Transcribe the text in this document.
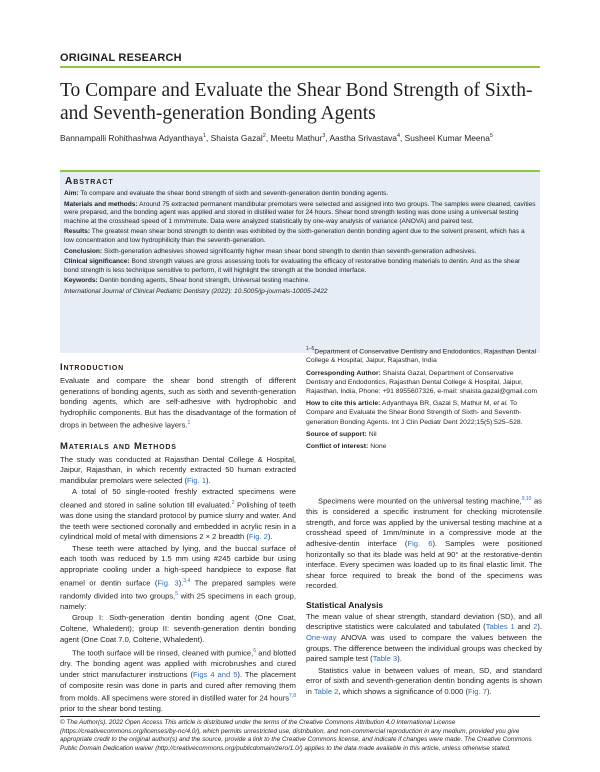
ORIGINAL RESEARCH
To Compare and Evaluate the Shear Bond Strength of Sixth- and Seventh-generation Bonding Agents
Bannampalli Rohithashwa Adyanthaya$^1$, Shaista Gazal$^2$, Meetu Mathur$^3$, Aastha Srivastava$^4$, Susheel Kumar Meena$^5$
Abstract

Aim: To compare and evaluate the shear bond strength of sixth and seventh-generation dentin bonding agents.

Materials and methods: Around 75 extracted permanent mandibular premolars were selected and assigned into two groups. The samples were cleaned, cavities were prepared, and the bonding agent was applied and stored in distilled water for 24 hours. Shear bond strength testing was done using a universal testing machine at the crosshead speed of 1 mm/minute. Data were analyzed statistically by one-way analysis of variance (ANOVA) and paired test.

Results: The greatest mean shear bond strength to dentin was exhibited by the sixth-generation dentin bonding agent due to the solvent present, which has a low concentration and low hydrophilicity than the seventh-generation.

Conclusion: Sixth-generation adhesives showed significantly higher mean shear bond strength to dentin than seventh-generation adhesives.

Clinical significance: Bond strength values are gross assessing tools for evaluating the efficacy of restorative bonding materials to dentin. And as the shear bond strength is less technique sensitive to perform, it will highlight the strength at the bonded interface.

Keywords: Dentin bonding agents, Shear bond strength, Universal testing machine.

International Journal of Clinical Pediatric Dentistry (2022): 10.5005/jp-journals-10005-2422

Introduction

Evaluate and compare the shear bond strength of different generations of bonding agents, such as sixth and seventh-generation bonding agents, which are self-adhesive with hydrophobic and hydrophilic components. But has the disadvantage of the formation of drops in between the adhesive layers.$^1$

Materials and Methods

The study was conducted at Rajasthan Dental College & Hospital, Jaipur, Rajasthan, in which recently extracted 50 human extracted mandibular premolars were selected (Fig. 1).

A total of 50 single-rooted freshly extracted specimens were cleaned and stored in saline solution till evaluated.$^2$ Polishing of teeth was done using the standard protocol by pumice slurry and water. And the teeth were sectioned coronally and embedded in acrylic resin in a cylindrical mold of metal with dimensions 2 × 2 breadth (Fig. 2).

These teeth were attached by lying, and the buccal surface of each tooth was reduced by 1.5 mm using #245 carbide bur using appropriate cooling under a high-speed handpiece to expose flat enamel or dentin surface (Fig. 3).$^{3,4}$ The prepared samples were randomly divided into two groups,$^5$ with 25 specimens in each group, namely:

Group I: Sixth-generation dentin bonding agent (One Coat, Coltene, Whaledent); group II: seventh-generation dentin bonding agent (One Coat 7.0, Coltene, Whaledent).

The tooth surface will be rinsed, cleaned with pumice,$^6$ and blotted dry. The bonding agent was applied with microbrushes and cured under strict manufacturer instructions (Figs 4 and 5). The placement of composite resin was done in parts and cured after removing them from molds. All specimens were stored in distilled water for 24 hours$^{7,8}$ prior to the shear bond testing.

$^{1-5}$Department of Conservative Dentistry and Endodontics, Rajasthan Dental College & Hospital, Jaipur, Rajasthan, India

Corresponding Author: Shaista Gazal, Department of Conservative Dentistry and Endodontics, Rajasthan Dental College & Hospital, Jaipur, Rajasthan, India, Phone: +91 8955607326, e-mail: shaista.gazal@gmail.com

How to cite this article: Adyanthaya BR, Gazal S, Mathur M, et al. To Compare and Evaluate the Shear Bond Strength of Sixth- and Seventh-generation Bonding Agents. Int J Clin Pediatr Dent 2022;15(5):525–528.

Source of support: Nil

Conflict of interest: None

Specimens were mounted on the universal testing machine,$^{9,10}$ as this is considered a specific instrument for checking microtensile strength, and force was applied by the universal testing machine at a crosshead speed of 1mm/minute in a compressive mode at the adhesive-dentin interface (Fig. 6). Samples were positioned horizontally so that its blade was held at 90° at the restorative-dentin interface. Every specimen was loaded up to its final elastic limit. The shear force required to break the bond of the specimens was recorded.

Statistical Analysis

The mean value of shear strength, standard deviation (SD), and all descriptive statistics were calculated and tabulated (Tables 1 and 2). One-way ANOVA was used to compare the values between the groups. The difference between the individual groups was checked by paired sample test (Table 3).

Statistics value in between values of mean, SD, and standard error of sixth and seventh-generation dentin bonding agents is shown in Table 2, which shows a significance of 0.000 (Fig. 7).

© The Author(s). 2022 Open Access This article is distributed under the terms of the Creative Commons Attribution 4.0 International License (https://creativecommons.org/licenses/by-nc/4.0/), which permits unrestricted use, distribution, and non-commercial reproduction in any medium, provided you give appropriate credit to the original author(s) and the source, provide a link to the Creative Commons license, and indicate if changes were made. The Creative Commons Public Domain Dedication waiver (http://creativecommons.org/publicdomain/zero/1.0/) applies to the data made available in this article, unless otherwise stated.
